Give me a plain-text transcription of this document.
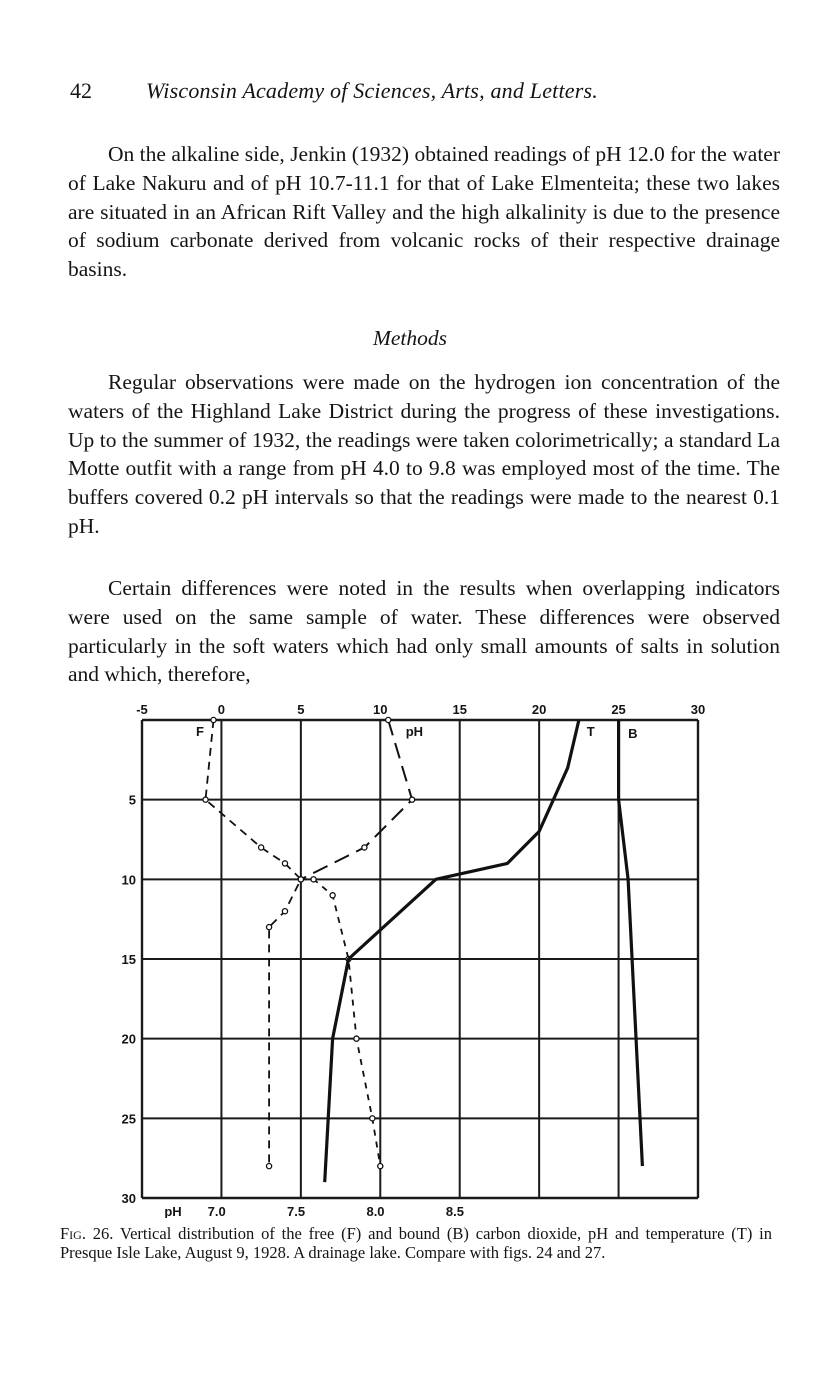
42 Wisconsin Academy of Sciences, Arts, and Letters.

On the alkaline side, Jenkin (1932) obtained readings of pH 12.0 for the water of Lake Nakuru and of pH 10.7-11.1 for that of Lake Elmenteita; these two lakes are situated in an African Rift Valley and the high alkalinity is due to the presence of sodium carbonate derived from volcanic rocks of their respective drainage basins.

Methods

Regular observations were made on the hydrogen ion concentration of the waters of the Highland Lake District during the progress of these investigations. Up to the summer of 1932, the readings were taken colorimetrically; a standard La Motte outfit with a range from pH 4.0 to 9.8 was employed most of the time. The buffers covered 0.2 pH intervals so that the readings were made to the nearest 0.1 pH.

Certain differences were noted in the results when overlapping indicators were used on the same sample of water. These differences were observed particularly in the soft waters which had only small amounts of salts in solution and which, therefore,

-5	0	5	10	15	20	25	30
5
10
15
20
25
30
pH 7.0	7.5	8.0	8.5
F	pH	T	B

Fig. 26. Vertical distribution of the free (F) and bound (B) carbon dioxide, pH and temperature (T) in Presque Isle Lake, August 9, 1928. A drainage lake. Compare with figs. 24 and 27.
